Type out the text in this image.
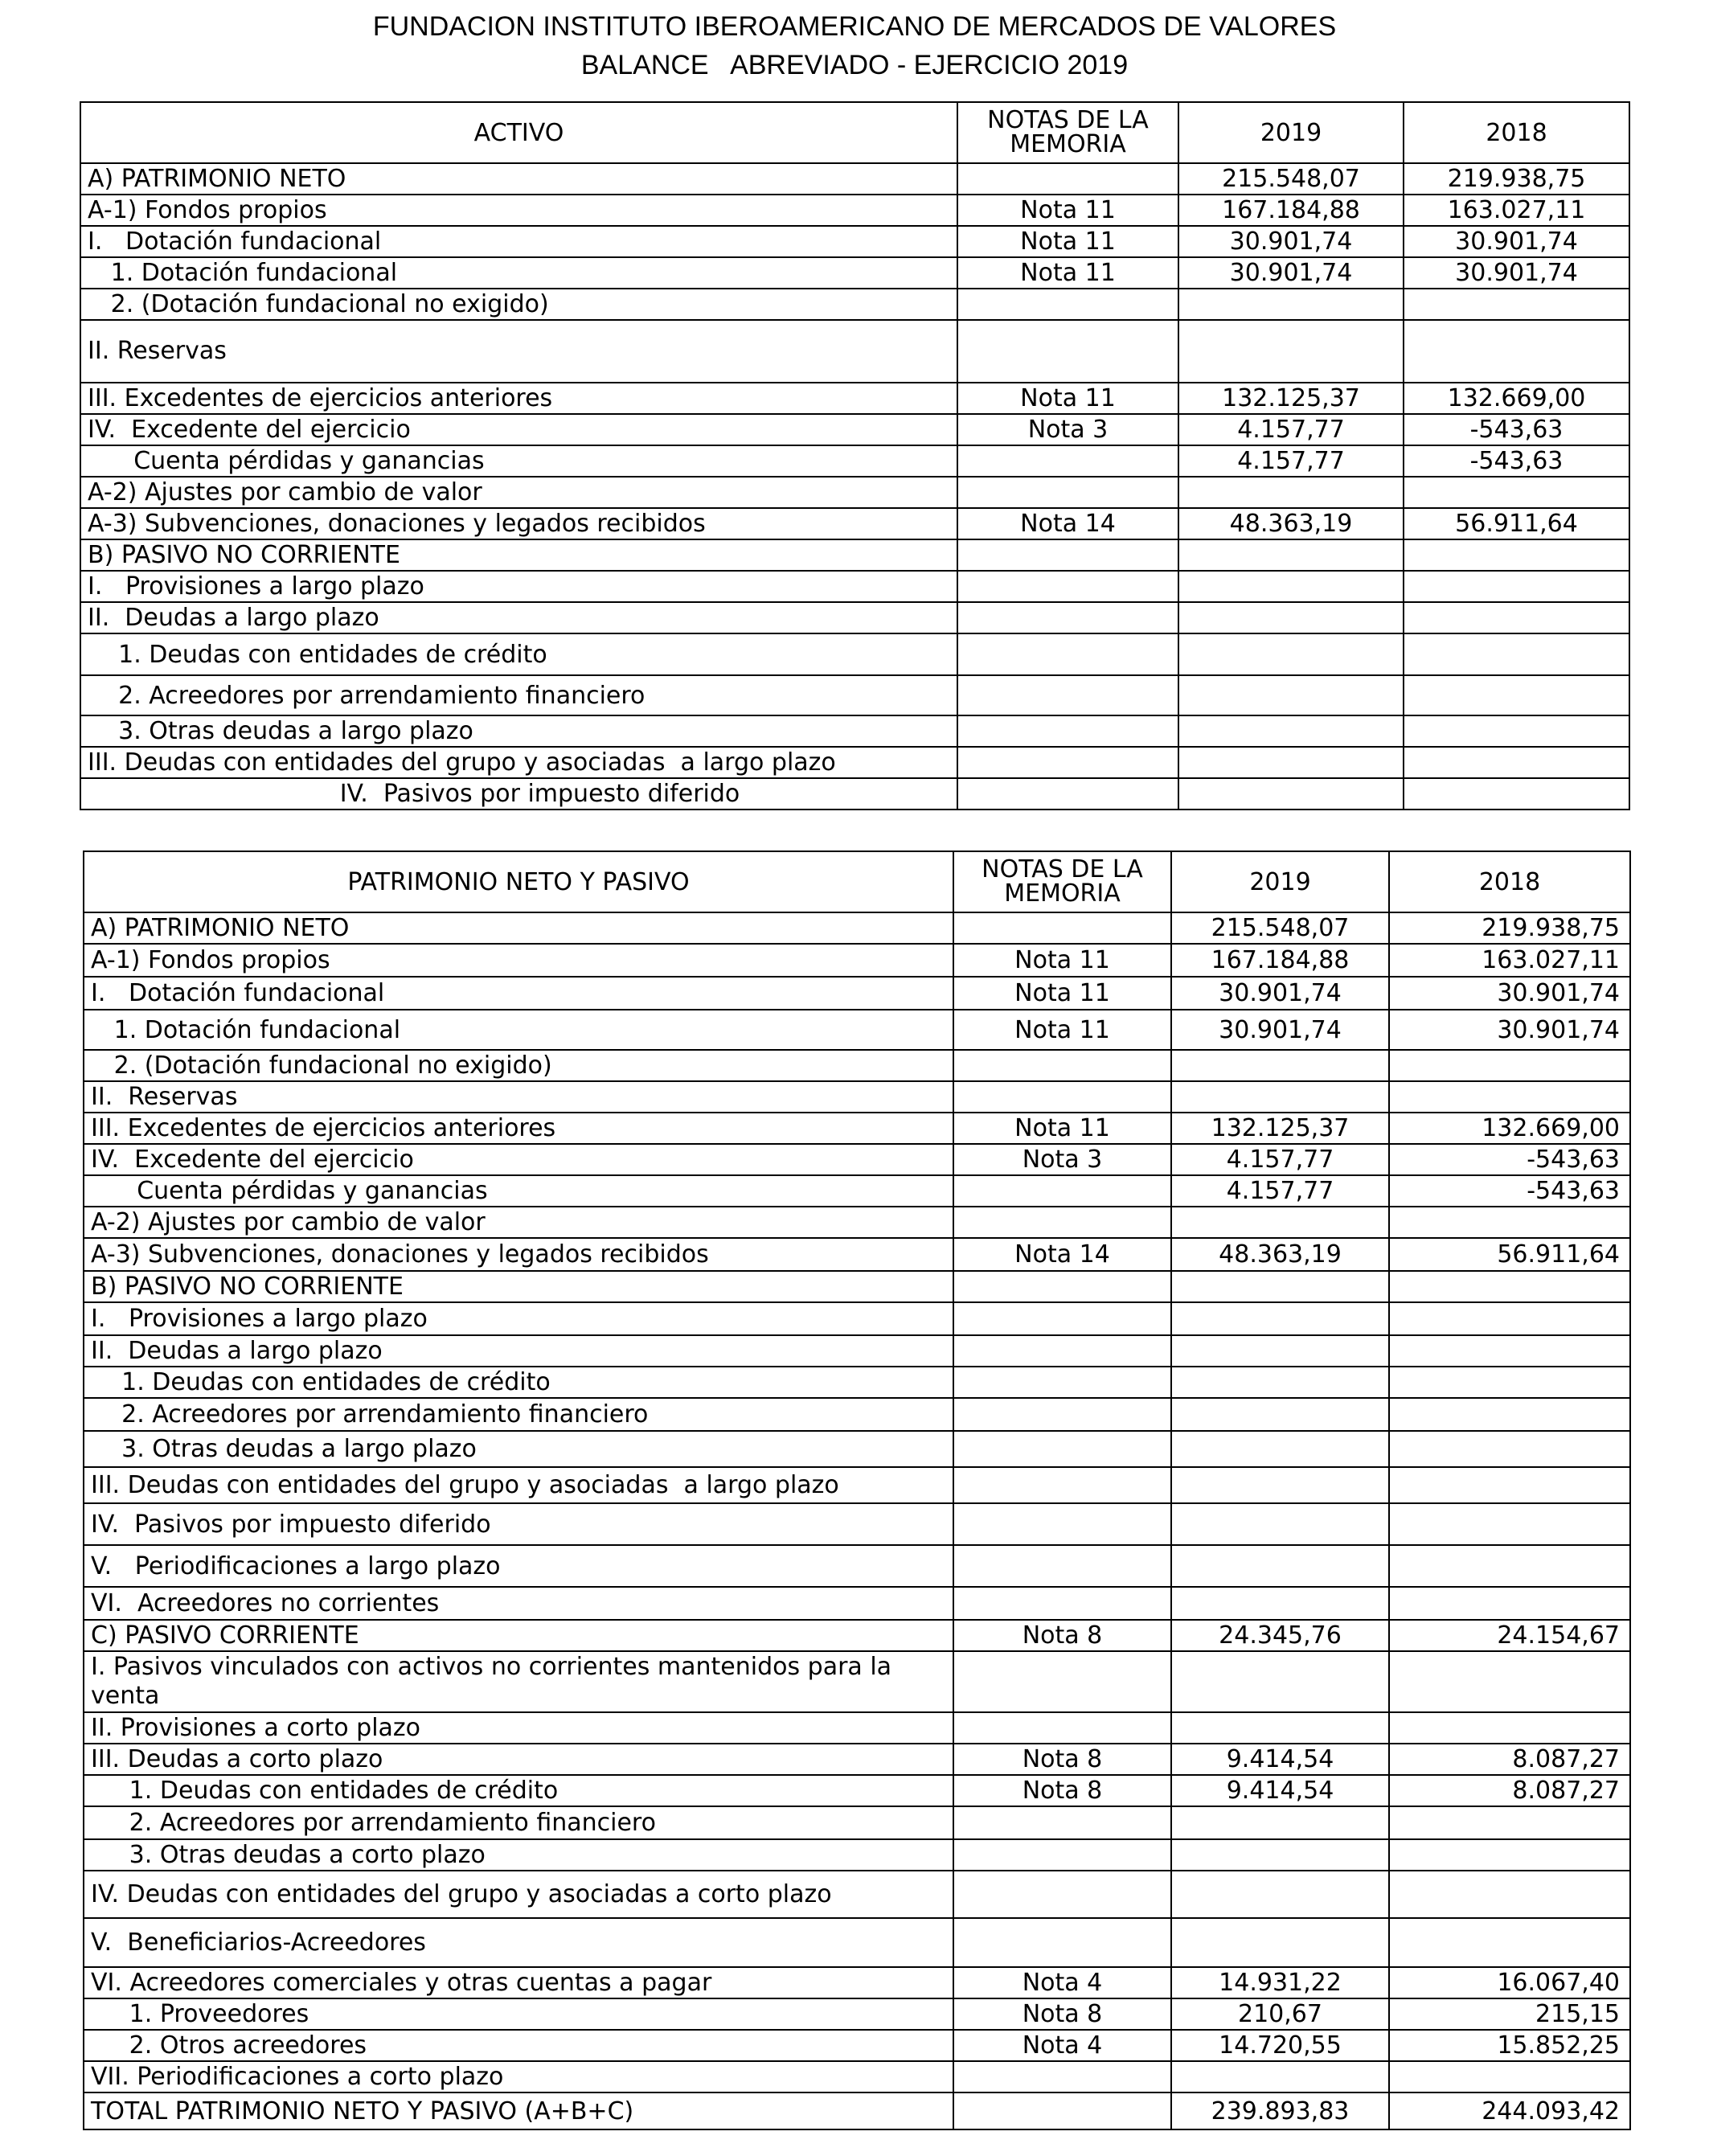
FUNDACION INSTITUTO IBEROAMERICANO DE MERCADOS DE VALORES
BALANCE   ABREVIADO - EJERCICIO 2019
ACTIVO	NOTAS DE LA MEMORIA	2019	2018
A) PATRIMONIO NETO		215.548,07	219.938,75
A-1) Fondos propios	Nota 11	167.184,88	163.027,11
I.   Dotación fundacional	Nota 11	30.901,74	30.901,74
1. Dotación fundacional	Nota 11	30.901,74	30.901,74
2. (Dotación fundacional no exigido)			
II. Reservas			
III. Excedentes de ejercicios anteriores	Nota 11	132.125,37	132.669,00
IV.  Excedente del ejercicio	Nota 3	4.157,77	-543,63
Cuenta pérdidas y ganancias		4.157,77	-543,63
A-2) Ajustes por cambio de valor			
A-3) Subvenciones, donaciones y legados recibidos	Nota 14	48.363,19	56.911,64
B) PASIVO NO CORRIENTE			
I.   Provisiones a largo plazo			
II.  Deudas a largo plazo			
1. Deudas con entidades de crédito			
2. Acreedores por arrendamiento financiero			
3. Otras deudas a largo plazo			
III. Deudas con entidades del grupo y asociadas  a largo plazo			
IV.  Pasivos por impuesto diferido			
PATRIMONIO NETO Y PASIVO	NOTAS DE LA MEMORIA	2019	2018
A) PATRIMONIO NETO		215.548,07	219.938,75
A-1) Fondos propios	Nota 11	167.184,88	163.027,11
I.   Dotación fundacional	Nota 11	30.901,74	30.901,74
1. Dotación fundacional	Nota 11	30.901,74	30.901,74
2. (Dotación fundacional no exigido)			
II.  Reservas			
III. Excedentes de ejercicios anteriores	Nota 11	132.125,37	132.669,00
IV.  Excedente del ejercicio	Nota 3	4.157,77	-543,63
Cuenta pérdidas y ganancias		4.157,77	-543,63
A-2) Ajustes por cambio de valor			
A-3) Subvenciones, donaciones y legados recibidos	Nota 14	48.363,19	56.911,64
B) PASIVO NO CORRIENTE			
I.   Provisiones a largo plazo			
II.  Deudas a largo plazo			
1. Deudas con entidades de crédito			
2. Acreedores por arrendamiento financiero			
3. Otras deudas a largo plazo			
III. Deudas con entidades del grupo y asociadas  a largo plazo			
IV.  Pasivos por impuesto diferido			
V.   Periodificaciones a largo plazo			
VI.  Acreedores no corrientes			
C) PASIVO CORRIENTE	Nota 8	24.345,76	24.154,67
I. Pasivos vinculados con activos no corrientes mantenidos para la venta			
II. Provisiones a corto plazo			
III. Deudas a corto plazo	Nota 8	9.414,54	8.087,27
1. Deudas con entidades de crédito	Nota 8	9.414,54	8.087,27
2. Acreedores por arrendamiento financiero			
3. Otras deudas a corto plazo			
IV. Deudas con entidades del grupo y asociadas a corto plazo			
V.  Beneficiarios-Acreedores			
VI. Acreedores comerciales y otras cuentas a pagar	Nota 4	14.931,22	16.067,40
1. Proveedores	Nota 8	210,67	215,15
2. Otros acreedores	Nota 4	14.720,55	15.852,25
VII. Periodificaciones a corto plazo			
TOTAL PATRIMONIO NETO Y PASIVO (A+B+C)		239.893,83	244.093,42
